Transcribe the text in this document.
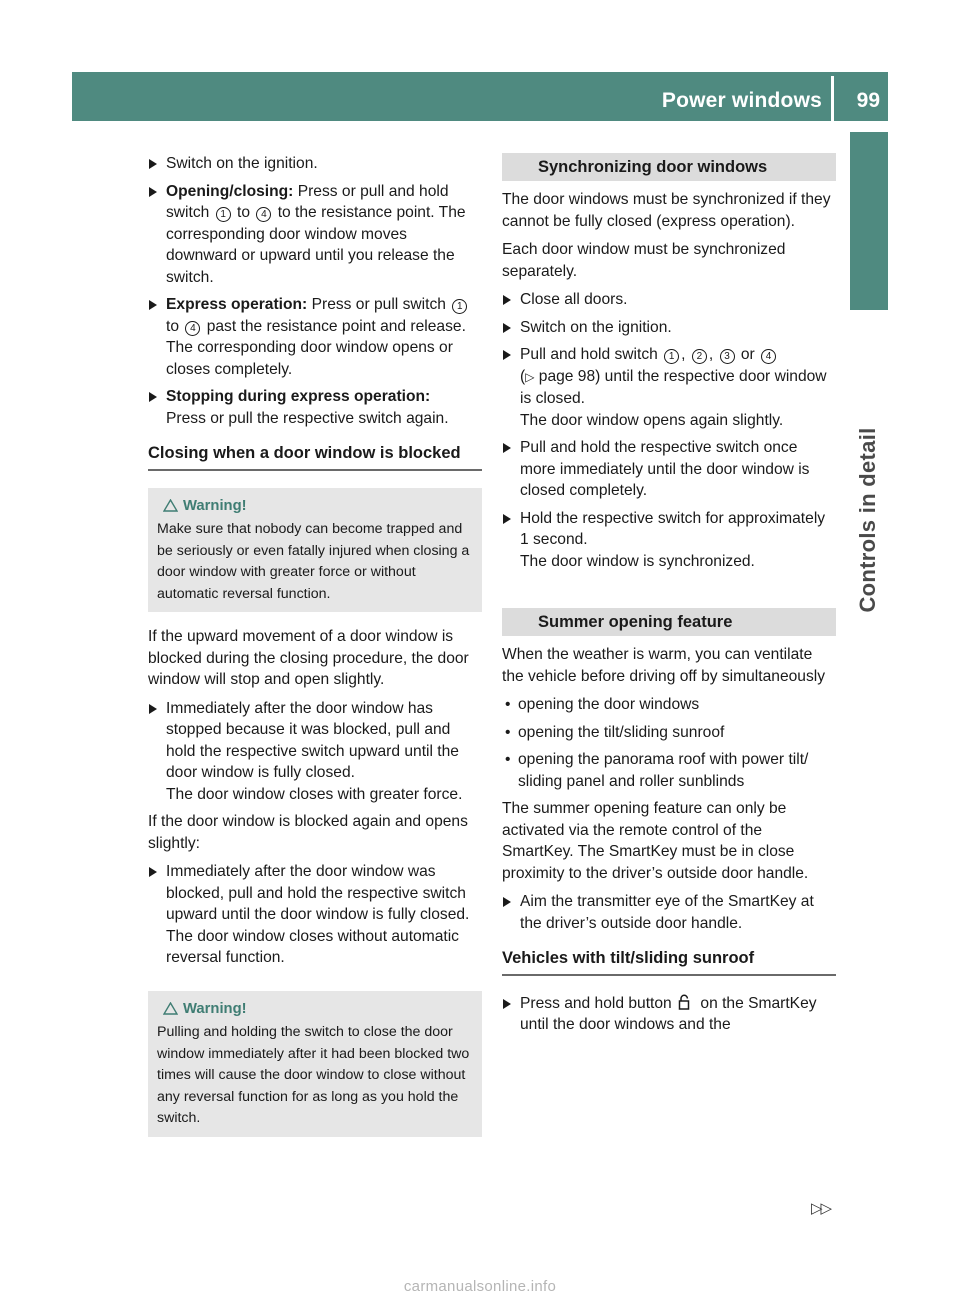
Power windows 99
Controls in detail
Switch on the ignition.
Opening/closing: Press or pull and hold switch 1 to 4 to the resistance point. The corresponding door window moves downward or upward until you release the switch.
Express operation: Press or pull switch 1 to 4 past the resistance point and release.
The corresponding door window opens or closes completely.
Stopping during express operation:
Press or pull the respective switch again.
Closing when a door window is blocked
Warning!
Make sure that nobody can become trapped and be seriously or even fatally injured when closing a door window with greater force or without automatic reversal function.

If the upward movement of a door window is blocked during the closing procedure, the door window will stop and open slightly.

Immediately after the door window has stopped because it was blocked, pull and hold the respective switch upward until the door window is fully closed.
The door window closes with greater force.

If the door window is blocked again and opens slightly:

Immediately after the door window was blocked, pull and hold the respective switch upward until the door window is fully closed.
The door window closes without automatic reversal function.
Warning!
Pulling and holding the switch to close the door window immediately after it had been blocked two times will cause the door window to close without any reversal function for as long as you hold the switch.
Synchronizing door windows

The door windows must be synchronized if they cannot be fully closed (express operation).

Each door window must be synchronized separately.

Close all doors.
Switch on the ignition.
Pull and hold switch 1 , 2 , 3 or 4
(▷ page 98) until the respective door window is closed.
The door window opens again slightly.
Pull and hold the respective switch once more immediately until the door window is closed completely.
Hold the respective switch for approximately 1 second.
The door window is synchronized.
Summer opening feature

When the weather is warm, you can ventilate the vehicle before driving off by simultaneously

• opening the door windows
• opening the tilt/sliding sunroof
• opening the panorama roof with power tilt/ sliding panel and roller sunblinds

The summer opening feature can only be activated via the remote control of the SmartKey. The SmartKey must be in close proximity to the driver’s outside door handle.

Aim the transmitter eye of the SmartKey at the driver’s outside door handle.
Vehicles with tilt/sliding sunroof
Press and hold button on the SmartKey until the door windows and the
▷▷
carmanualsonline.info
